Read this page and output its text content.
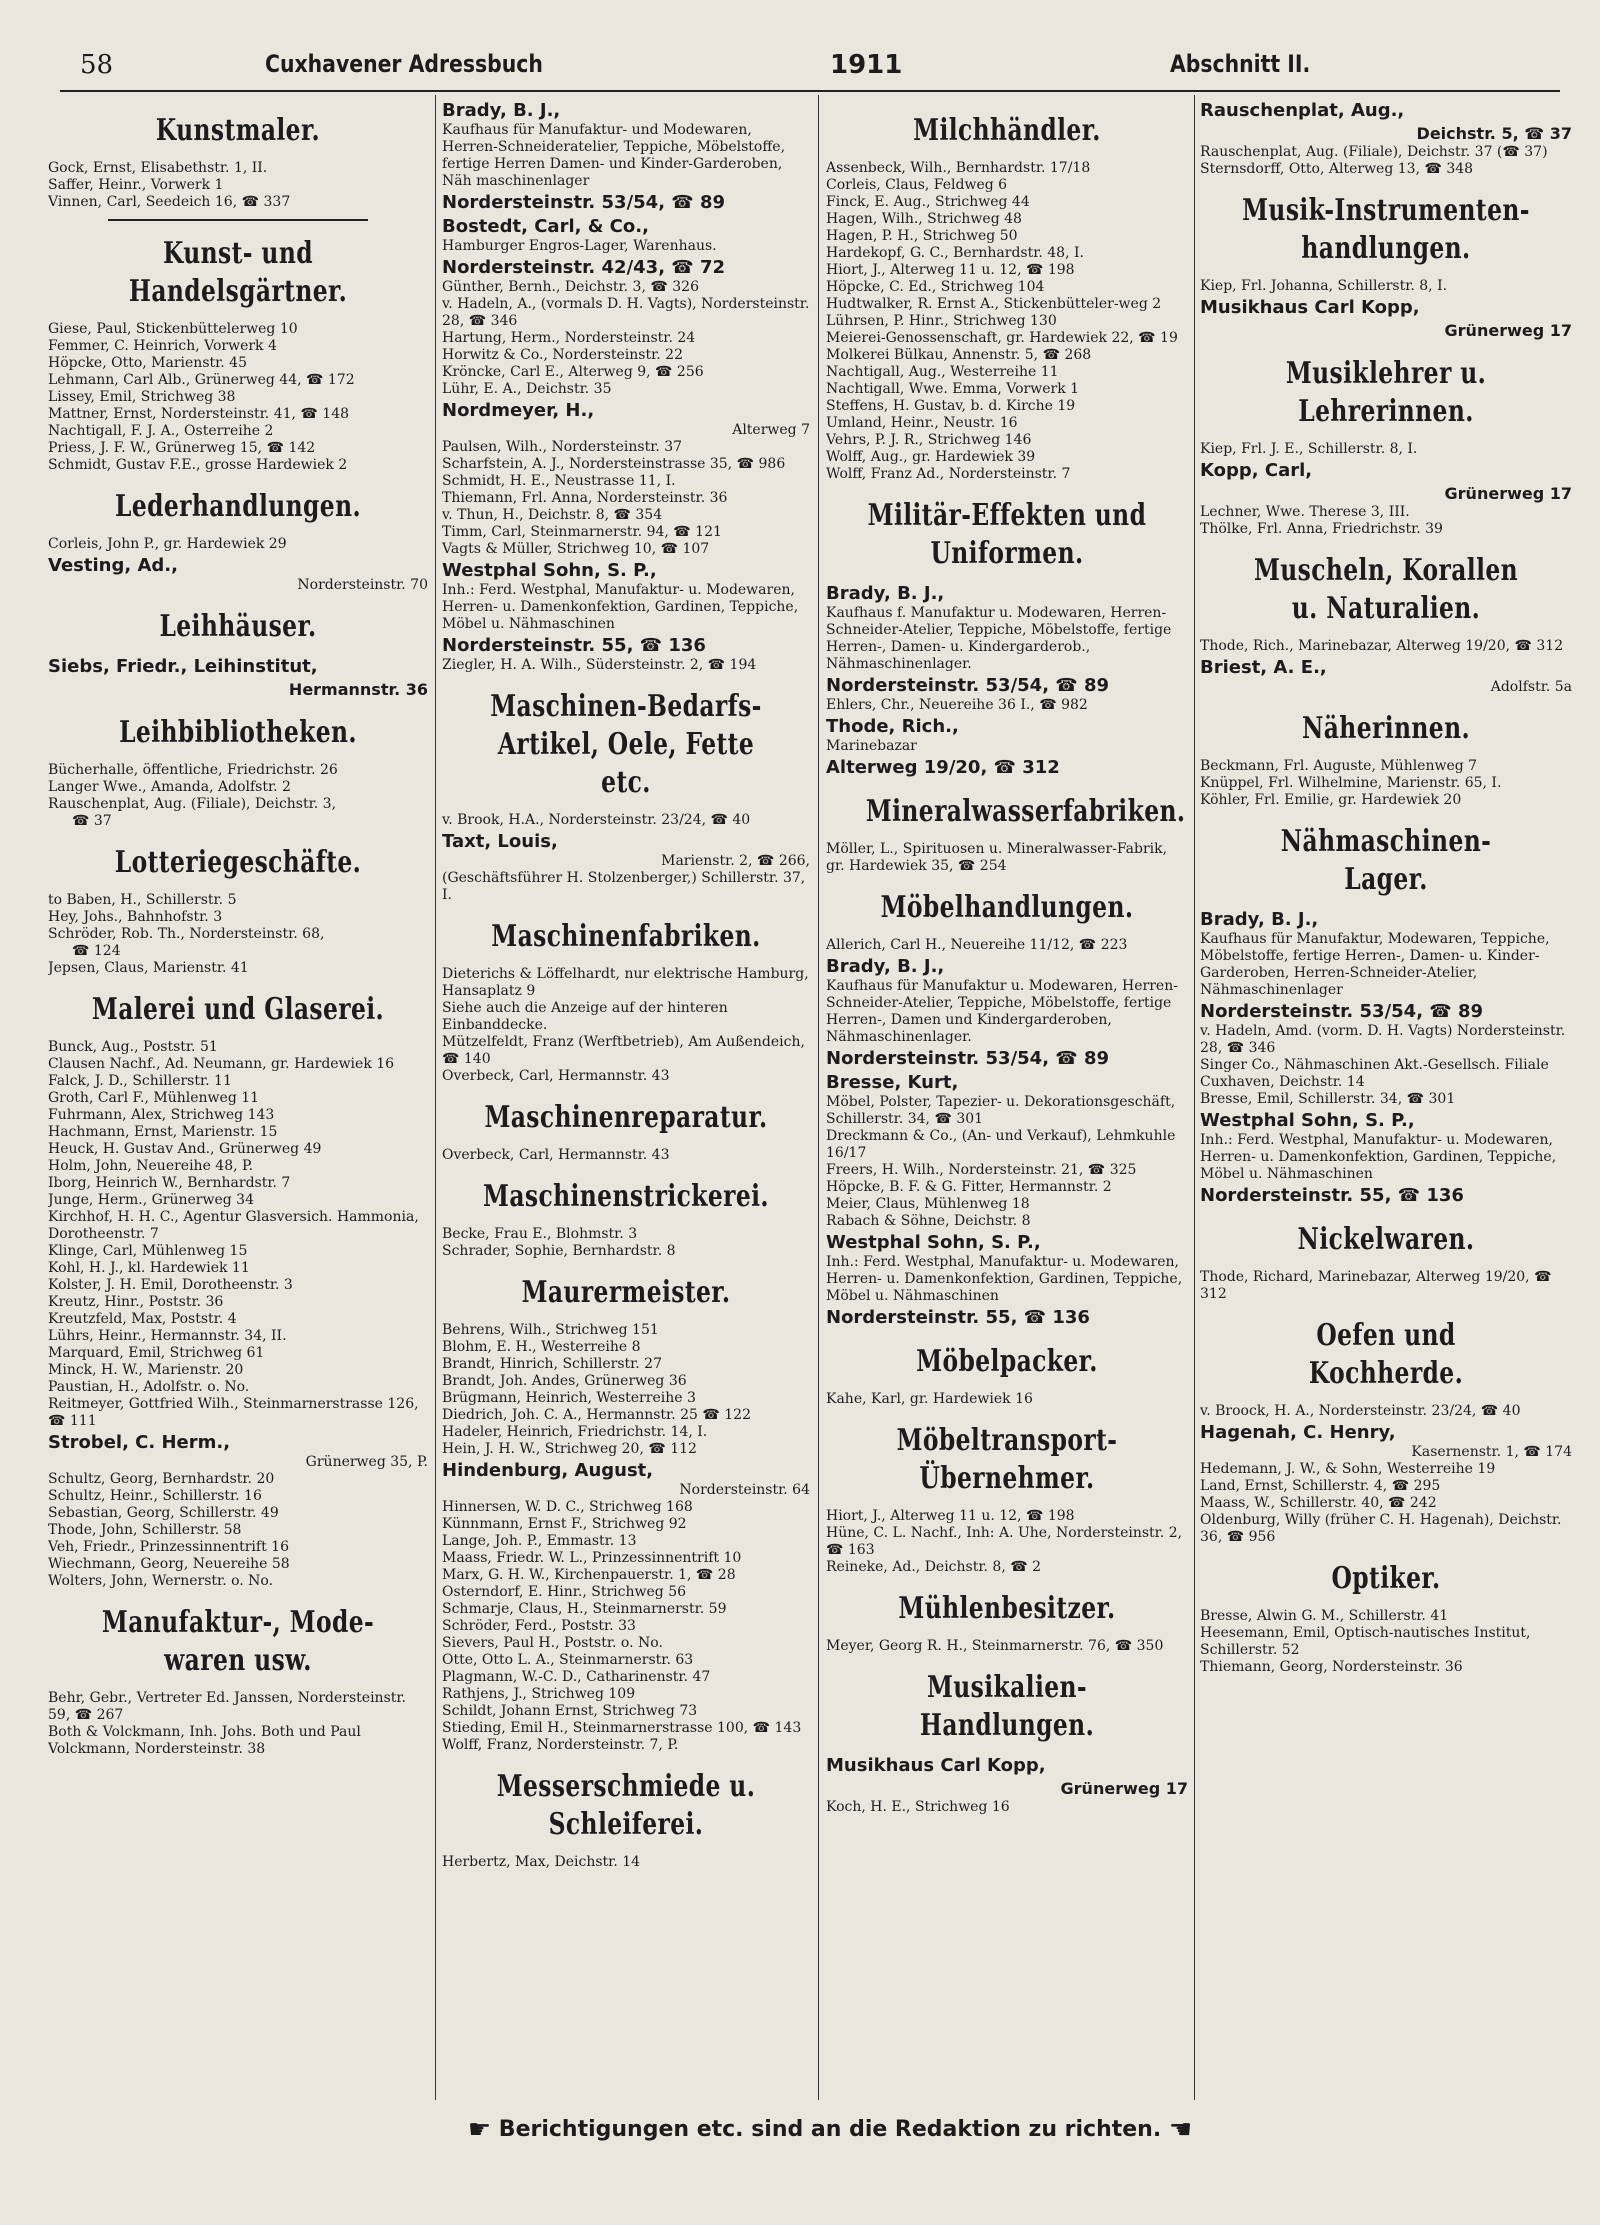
58	Cuxhavener Adressbuch	1911	Abschnitt II.
Kunstmaler.
Gock, Ernst, Elisabethstr. 1, II.
Saffer, Heinr., Vorwerk 1
Vinnen, Carl, Seedeich 16, ☎ 337
Kunst- und Handelsgärtner.
Giese, Paul, Stickenbüttelerweg 10
Femmer, C. Heinrich, Vorwerk 4
Höpcke, Otto, Marienstr. 45
Lehmann, Carl Alb., Grünerweg 44, ☎ 172
Lissey, Emil, Strichweg 38
Mattner, Ernst, Nordersteinstr. 41, ☎ 148
Nachtigall, F. J. A., Osterreihe 2
Priess, J. F. W., Grünerweg 15, ☎ 142
Schmidt, Gustav F.E., grosse Hardewiek 2
Lederhandlungen.
Corleis, John P., gr. Hardewiek 29
Vesting, Ad.,
Nordersteinstr. 70
Leihhäuser.
Siebs, Friedr., Leihinstitut,
Hermannstr. 36
Leihbibliotheken.
Bücherhalle, öffentliche, Friedrichstr. 26
Langer Wwe., Amanda, Adolfstr. 2
Rauschenplat, Aug. (Filiale), Deichstr. 3,
☎ 37
Lotteriegeschäfte.
to Baben, H., Schillerstr. 5
Hey, Johs., Bahnhofstr. 3
Schröder, Rob. Th., Nordersteinstr. 68,
☎ 124
Jepsen, Claus, Marienstr. 41
Malerei und Glaserei.
Bunck, Aug., Poststr. 51
Clausen Nachf., Ad. Neumann, gr. Hardewiek 16
Falck, J. D., Schillerstr. 11
Groth, Carl F., Mühlenweg 11
Fuhrmann, Alex, Strichweg 143
Hachmann, Ernst, Marienstr. 15
Heuck, H. Gustav And., Grünerweg 49
Holm, John, Neuereihe 48, P.
Iborg, Heinrich W., Bernhardstr. 7
Junge, Herm., Grünerweg 34
Kirchhof, H. H. C., Agentur Glasversich. Hammonia, Dorotheenstr. 7
Klinge, Carl, Mühlenweg 15
Kohl, H. J., kl. Hardewiek 11
Kolster, J. H. Emil, Dorotheenstr. 3
Kreutz, Hinr., Poststr. 36
Kreutzfeld, Max, Poststr. 4
Lührs, Heinr., Hermannstr. 34, II.
Marquard, Emil, Strichweg 61
Minck, H. W., Marienstr. 20
Paustian, H., Adolfstr. o. No.
Reitmeyer, Gottfried Wilh., Steinmarnerstrasse 126, ☎ 111
Strobel, C. Herm.,
Grünerweg 35, P.
Schultz, Georg, Bernhardstr. 20
Schultz, Heinr., Schillerstr. 16
Sebastian, Georg, Schillerstr. 49
Thode, John, Schillerstr. 58
Veh, Friedr., Prinzessinnentrift 16
Wiechmann, Georg, Neuereihe 58
Wolters, John, Wernerstr. o. No.
Manufaktur-, Mode-waren usw.
Behr, Gebr., Vertreter Ed. Janssen, Nordersteinstr. 59, ☎ 267
Both & Volckmann, Inh. Johs. Both und Paul Volckmann, Nordersteinstr. 38
Brady, B. J.,
Kaufhaus für Manufaktur- und Modewaren, Herren-Schneideratelier, Teppiche, Möbelstoffe, fertige Herren Damen- und Kinder-Garderoben, Näh maschinenlager
Nordersteinstr. 53/54, ☎ 89
Bostedt, Carl, & Co.,
Hamburger Engros-Lager, Warenhaus.
Nordersteinstr. 42/43, ☎ 72
Günther, Bernh., Deichstr. 3, ☎ 326
v. Hadeln, A., (vormals D. H. Vagts), Nordersteinstr. 28, ☎ 346
Hartung, Herm., Nordersteinstr. 24
Horwitz & Co., Nordersteinstr. 22
Kröncke, Carl E., Alterweg 9, ☎ 256
Lühr, E. A., Deichstr. 35
Nordmeyer, H.,
Alterweg 7
Paulsen, Wilh., Nordersteinstr. 37
Scharfstein, A. J., Nordersteinstrasse 35, ☎ 986
Schmidt, H. E., Neustrasse 11, I.
Thiemann, Frl. Anna, Nordersteinstr. 36
v. Thun, H., Deichstr. 8, ☎ 354
Timm, Carl, Steinmarnerstr. 94, ☎ 121
Vagts & Müller, Strichweg 10, ☎ 107
Westphal Sohn, S. P.,
Inh.: Ferd. Westphal, Manufaktur- u. Modewaren, Herren- u. Damenkonfektion, Gardinen, Teppiche, Möbel u. Nähmaschinen
Nordersteinstr. 55, ☎ 136
Ziegler, H. A. Wilh., Südersteinstr. 2, ☎ 194
Maschinen-Bedarfs-Artikel, Oele, Fette etc.
v. Brook, H.A., Nordersteinstr. 23/24, ☎ 40
Taxt, Louis,
Marienstr. 2, ☎ 266,
(Geschäftsführer H. Stolzenberger,) Schillerstr. 37, I.
Maschinenfabriken.
Dieterichs & Löffelhardt, nur elektrische Hamburg, Hansaplatz 9
Siehe auch die Anzeige auf der hinteren Einbanddecke.
Mützelfeldt, Franz (Werftbetrieb), Am Außendeich, ☎ 140
Overbeck, Carl, Hermannstr. 43
Maschinenreparatur.
Overbeck, Carl, Hermannstr. 43
Maschinenstrickerei.
Becke, Frau E., Blohmstr. 3
Schrader, Sophie, Bernhardstr. 8
Maurermeister.
Behrens, Wilh., Strichweg 151
Blohm, E. H., Westerreihe 8
Brandt, Hinrich, Schillerstr. 27
Brandt, Joh. Andes, Grünerweg 36
Brügmann, Heinrich, Westerreihe 3
Diedrich, Joh. C. A., Hermannstr. 25 ☎ 122
Hadeler, Heinrich, Friedrichstr. 14, I.
Hein, J. H. W., Strichweg 20, ☎ 112
Hindenburg, August,
Nordersteinstr. 64
Hinnersen, W. D. C., Strichweg 168
Künnmann, Ernst F., Strichweg 92
Lange, Joh. P., Emmastr. 13
Maass, Friedr. W. L., Prinzessinnentrift 10
Marx, G. H. W., Kirchenpauerstr. 1, ☎ 28
Osterndorf, E. Hinr., Strichweg 56
Schmarje, Claus, H., Steinmarnerstr. 59
Schröder, Ferd., Poststr. 33
Sievers, Paul H., Poststr. o. No.
Otte, Otto L. A., Steinmarnerstr. 63
Plagmann, W.-C. D., Catharinenstr. 47
Rathjens, J., Strichweg 109
Schildt, Johann Ernst, Strichweg 73
Stieding, Emil H., Steinmarnerstrasse 100, ☎ 143
Wolff, Franz, Nordersteinstr. 7, P.
Messerschmiede u. Schleiferei.
Herbertz, Max, Deichstr. 14
Milchhändler.
Assenbeck, Wilh., Bernhardstr. 17/18
Corleis, Claus, Feldweg 6
Finck, E. Aug., Strichweg 44
Hagen, Wilh., Strichweg 48
Hagen, P. H., Strichweg 50
Hardekopf, G. C., Bernhardstr. 48, I.
Hiort, J., Alterweg 11 u. 12, ☎ 198
Höpcke, C. Ed., Strichweg 104
Hudtwalker, R. Ernst A., Stickenbütteler-weg 2
Lührsen, P. Hinr., Strichweg 130
Meierei-Genossenschaft, gr. Hardewiek 22, ☎ 19
Molkerei Bülkau, Annenstr. 5, ☎ 268
Nachtigall, Aug., Westerreihe 11
Nachtigall, Wwe. Emma, Vorwerk 1
Steffens, H. Gustav, b. d. Kirche 19
Umland, Heinr., Neustr. 16
Vehrs, P. J. R., Strichweg 146
Wolff, Aug., gr. Hardewiek 39
Wolff, Franz Ad., Nordersteinstr. 7
Militär-Effekten und Uniformen.
Brady, B. J.,
Kaufhaus f. Manufaktur u. Modewaren, Herren-Schneider-Atelier, Teppiche, Möbelstoffe, fertige Herren-, Damen- u. Kindergarderob., Nähmaschinenlager.
Nordersteinstr. 53/54, ☎ 89
Ehlers, Chr., Neuereihe 36 I., ☎ 982
Thode, Rich.,
Marinebazar
Alterweg 19/20, ☎ 312
Mineralwasserfabriken.
Möller, L., Spirituosen u. Mineralwasser-Fabrik, gr. Hardewiek 35, ☎ 254
Möbelhandlungen.
Allerich, Carl H., Neuereihe 11/12, ☎ 223
Brady, B. J.,
Kaufhaus für Manufaktur u. Modewaren, Herren-Schneider-Atelier, Teppiche, Möbelstoffe, fertige Herren-, Damen und Kindergarderoben, Nähmaschinenlager.
Nordersteinstr. 53/54, ☎ 89
Bresse, Kurt,
Möbel, Polster, Tapezier- u. Dekorationsgeschäft, Schillerstr. 34, ☎ 301
Dreckmann & Co., (An- und Verkauf), Lehmkuhle 16/17
Freers, H. Wilh., Nordersteinstr. 21, ☎ 325
Höpcke, B. F. & G. Fitter, Hermannstr. 2
Meier, Claus, Mühlenweg 18
Rabach & Söhne, Deichstr. 8
Westphal Sohn, S. P.,
Inh.: Ferd. Westphal, Manufaktur- u. Modewaren, Herren- u. Damenkonfektion, Gardinen, Teppiche, Möbel u. Nähmaschinen
Nordersteinstr. 55, ☎ 136
Möbelpacker.
Kahe, Karl, gr. Hardewiek 16
Möbeltransport-Übernehmer.
Hiort, J., Alterweg 11 u. 12, ☎ 198
Hüne, C. L. Nachf., Inh: A. Uhe, Nordersteinstr. 2, ☎ 163
Reineke, Ad., Deichstr. 8, ☎ 2
Mühlenbesitzer.
Meyer, Georg R. H., Steinmarnerstr. 76, ☎ 350
Musikalien-Handlungen.
Musikhaus Carl Kopp,
Grünerweg 17
Koch, H. E., Strichweg 16
Rauschenplat, Aug.,
Deichstr. 5, ☎ 37
Rauschenplat, Aug. (Filiale), Deichstr. 37 (☎ 37)
Sternsdorff, Otto, Alterweg 13, ☎ 348
Musik-Instrumenten-handlungen.
Kiep, Frl. Johanna, Schillerstr. 8, I.
Musikhaus Carl Kopp,
Grünerweg 17
Musiklehrer u. Lehrerinnen.
Kiep, Frl. J. E., Schillerstr. 8, I.
Kopp, Carl,
Grünerweg 17
Lechner, Wwe. Therese 3, III.
Thölke, Frl. Anna, Friedrichstr. 39
Muscheln, Korallen u. Naturalien.
Thode, Rich., Marinebazar, Alterweg 19/20, ☎ 312
Briest, A. E.,
Adolfstr. 5a
Näherinnen.
Beckmann, Frl. Auguste, Mühlenweg 7
Knüppel, Frl. Wilhelmine, Marienstr. 65, I.
Köhler, Frl. Emilie, gr. Hardewiek 20
Nähmaschinen-Lager.
Brady, B. J.,
Kaufhaus für Manufaktur, Modewaren, Teppiche, Möbelstoffe, fertige Herren-, Damen- u. Kinder-Garderoben, Herren-Schneider-Atelier, Nähmaschinenlager
Nordersteinstr. 53/54, ☎ 89
v. Hadeln, Amd. (vorm. D. H. Vagts) Nordersteinstr. 28, ☎ 346
Singer Co., Nähmaschinen Akt.-Gesellsch. Filiale Cuxhaven, Deichstr. 14
Bresse, Emil, Schillerstr. 34, ☎ 301
Westphal Sohn, S. P.,
Inh.: Ferd. Westphal, Manufaktur- u. Modewaren, Herren- u. Damenkonfektion, Gardinen, Teppiche, Möbel u. Nähmaschinen
Nordersteinstr. 55, ☎ 136
Nickelwaren.
Thode, Richard, Marinebazar, Alterweg 19/20, ☎ 312
Oefen und Kochherde.
v. Broock, H. A., Nordersteinstr. 23/24, ☎ 40
Hagenah, C. Henry,
Kasernenstr. 1, ☎ 174
Hedemann, J. W., & Sohn, Westerreihe 19
Land, Ernst, Schillerstr. 4, ☎ 295
Maass, W., Schillerstr. 40, ☎ 242
Oldenburg, Willy (früher C. H. Hagenah), Deichstr. 36, ☎ 956
Optiker.
Bresse, Alwin G. M., Schillerstr. 41
Heesemann, Emil, Optisch-nautisches Institut, Schillerstr. 52
Thiemann, Georg, Nordersteinstr. 36
☛ Berichtigungen etc. sind an die Redaktion zu richten. ☚
